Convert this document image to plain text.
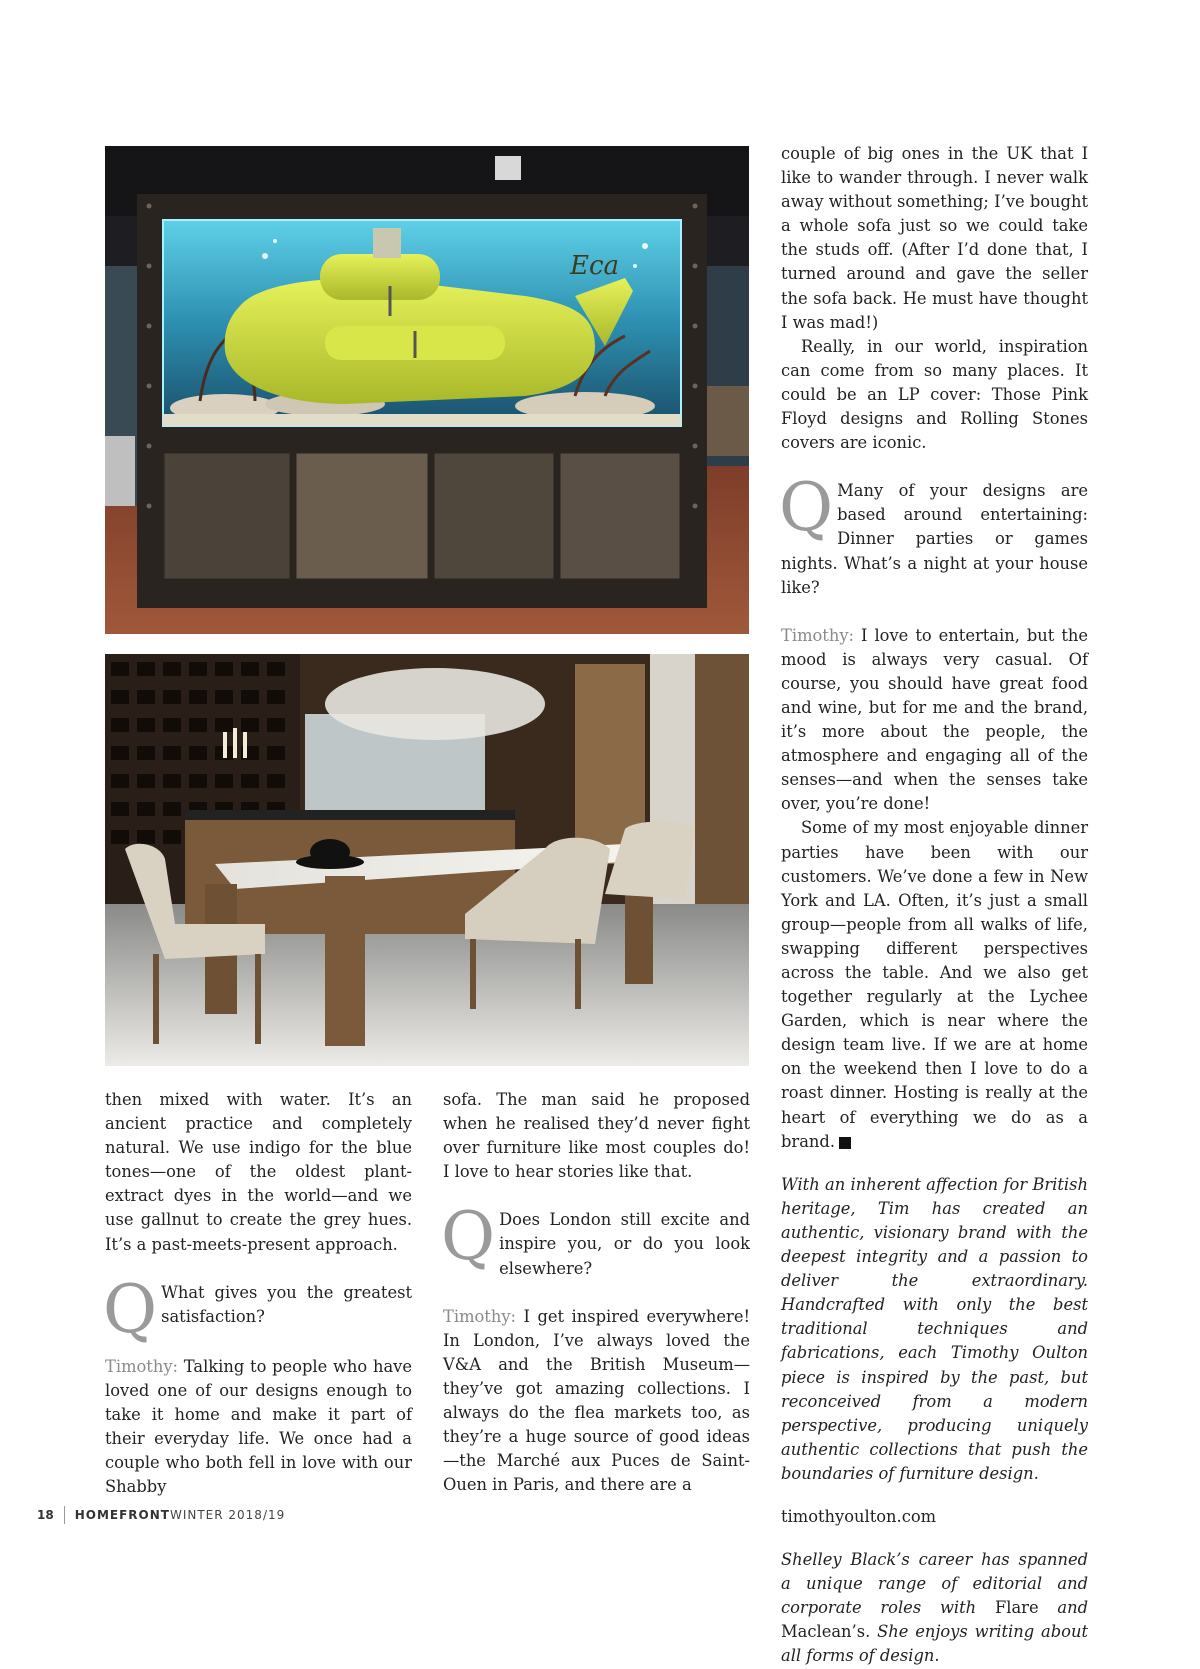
Eca

couple of big ones in the UK that I like to wander through. I never walk away without something; I’ve bought a whole sofa just so we could take the studs off. (After I’d done that, I turned around and gave the seller the sofa back. He must have thought I was mad!)

Really, in our world, inspiration can come from so many places. It could be an LP cover: Those Pink Floyd designs and Rolling Stones covers are iconic.

Q Many of your designs are based around entertaining: Dinner parties or games nights. What’s a night at your house like?

Timothy: I love to entertain, but the mood is always very casual. Of course, you should have great food and wine, but for me and the brand, it’s more about the people, the atmosphere and engaging all of the senses—and when the senses take over, you’re done!

Some of my most enjoyable dinner parties have been with our customers. We’ve done a few in New York and LA. Often, it’s just a small group—people from all walks of life, swapping different perspectives across the table. And we also get together regularly at the Lychee Garden, which is near where the design team live. If we are at home on the weekend then I love to do a roast dinner. Hosting is really at the heart of everything we do as a brand.	H

With an inherent affection for British heritage, Tim has created an authentic, visionary brand with the deepest integrity and a passion to deliver the extraordinary. Handcrafted with only the best traditional techniques and fabrications, each Timothy Oulton piece is inspired by the past, but reconceived from a modern perspective, producing uniquely authentic collections that push the boundaries of furniture design.

timothyoulton.com

Shelley Black’s career has spanned a unique range of editorial and corporate roles with Flare and Maclean’s. She enjoys writing about all forms of design.

then mixed with water. It’s an ancient practice and completely natural. We use indigo for the blue tones—one of the oldest plant-extract dyes in the world—and we use gallnut to create the grey hues. It’s a past-meets-present approach.

Q What gives you the greatest satisfaction?

Timothy: Talking to people who have loved one of our designs enough to take it home and make it part of their everyday life. We once had a couple who both fell in love with our Shabby

sofa. The man said he proposed when he realised they’d never fight over furniture like most couples do! I love to hear stories like that.

Q Does London still excite and inspire you, or do you look elsewhere?

Timothy: I get inspired everywhere! In London, I’ve always loved the V&A and the British Museum—they’ve got amazing collections. I always do the flea markets too, as they’re a huge source of good ideas—the Marché aux Puces de Saint-Ouen in Paris, and there are a

18 HOMEFRONT WINTER 2018/19
